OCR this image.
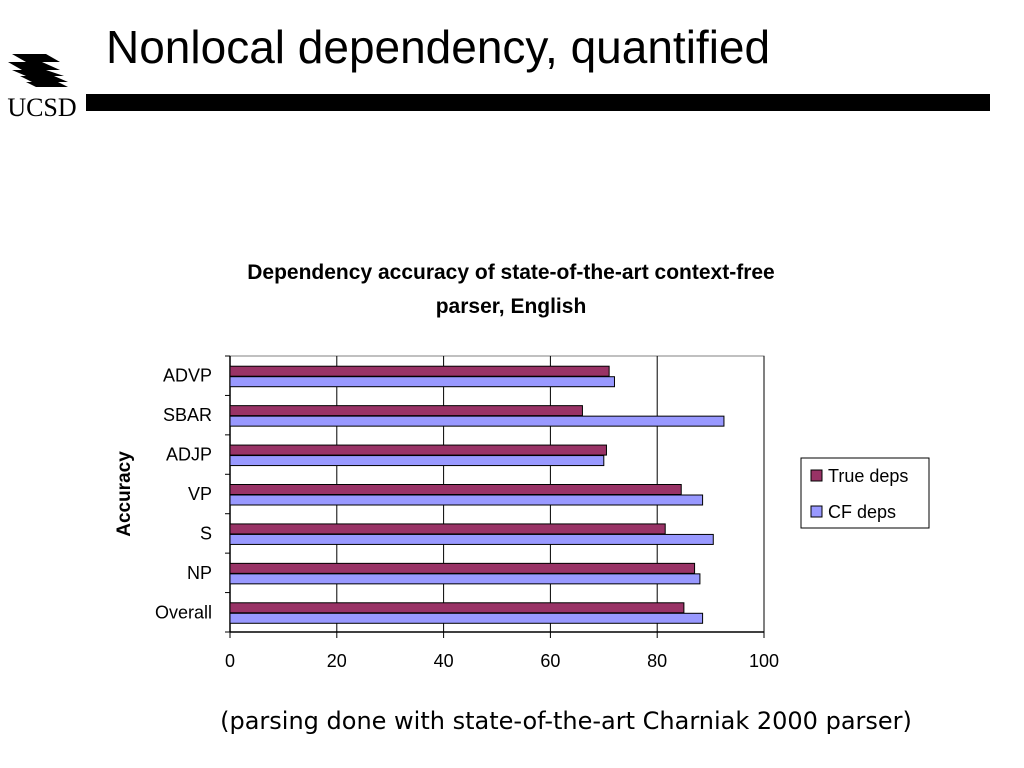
UCSD
Nonlocal dependency, quantified
Dependency accuracy of state-of-the-art context-free
parser, English
0	20	40	60	80	100
ADVP
SBAR
ADJP
VP
S
NP
Overall
Accuracy	True deps
CF deps
(parsing done with state-of-the-art Charniak 2000 parser)
